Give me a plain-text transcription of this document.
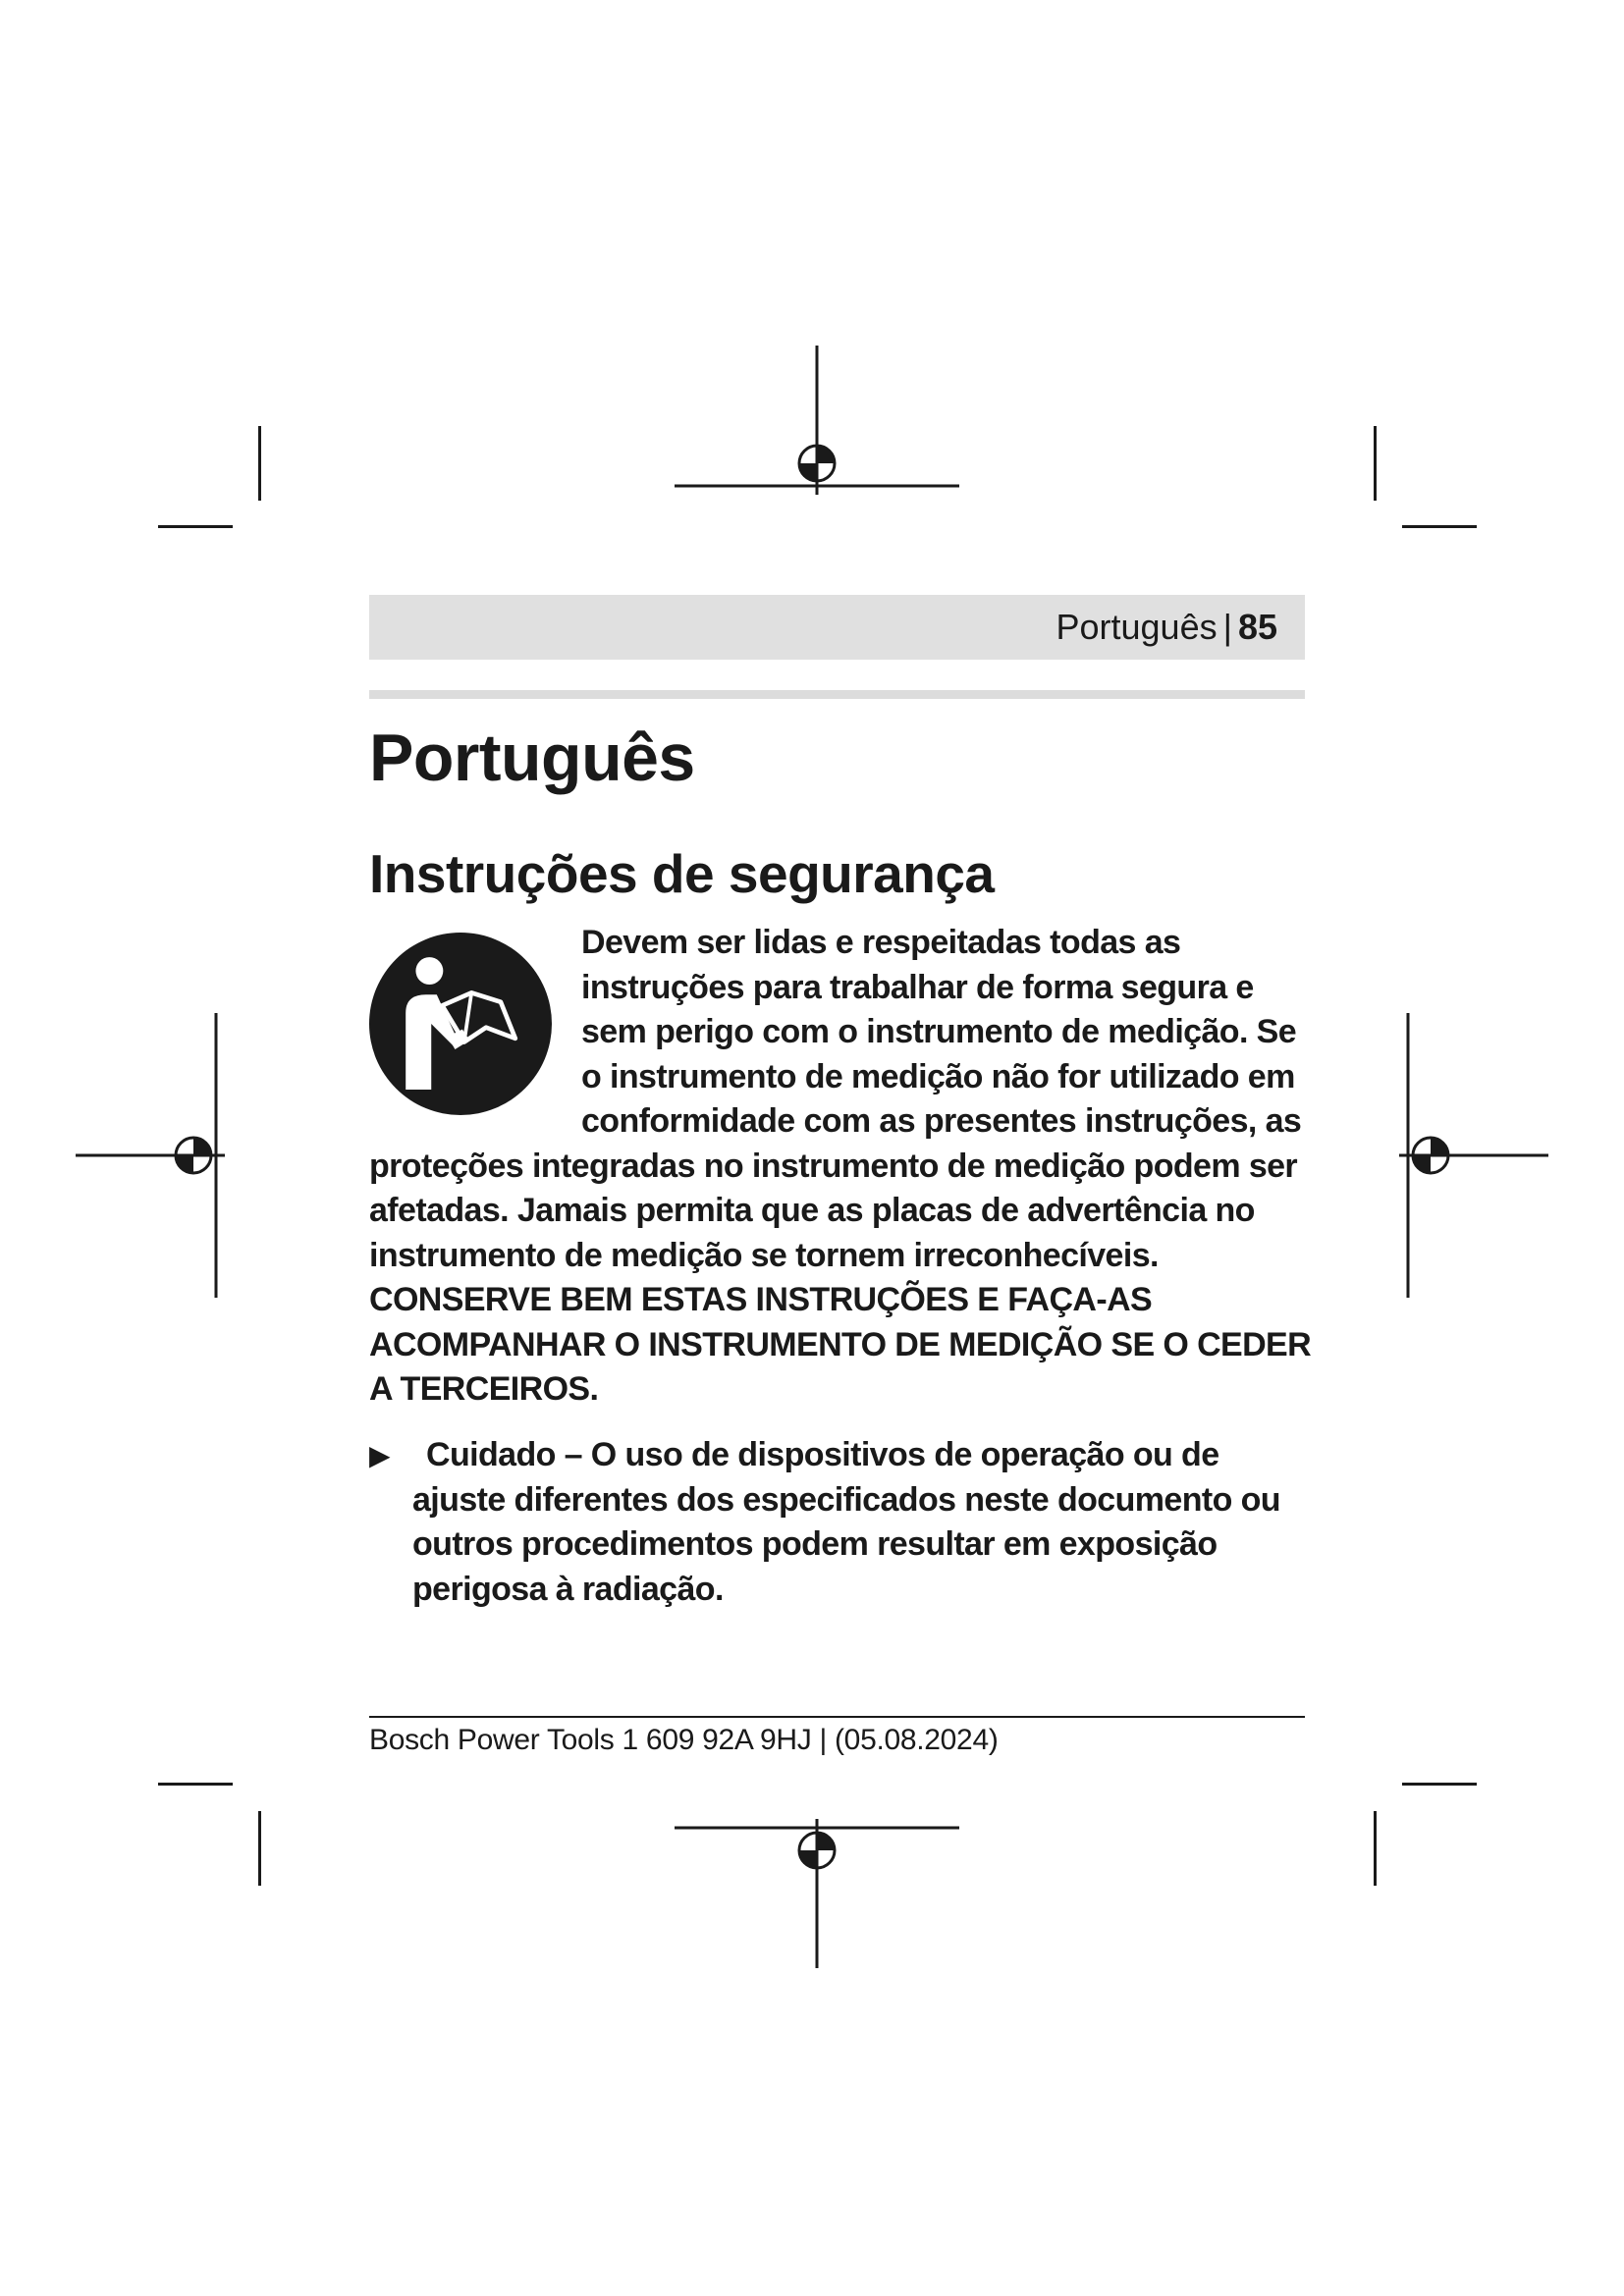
Português | 85
Português
Instruções de segurança

Devem ser lidas e respeitadas todas as instruções para trabalhar de forma segura e sem perigo com o instrumento de medição. Se o instrumento de medição não for utilizado em conformidade com as presentes instruções, as proteções integradas no instrumento de medição podem ser afetadas. Jamais permita que as placas de advertência no instrumento de medição se tornem irreconhecíveis.

CONSERVE BEM ESTAS INSTRUÇÕES E FAÇA-AS ACOMPANHAR O INSTRUMENTO DE MEDIÇÃO SE O CEDER A TERCEIROS.

▶	Cuidado – O uso de dispositivos de operação ou de ajuste diferentes dos especificados neste documento ou outros procedimentos podem resultar em exposição perigosa à radiação.

Bosch Power Tools 1 609 92A 9HJ | (05.08.2024)
